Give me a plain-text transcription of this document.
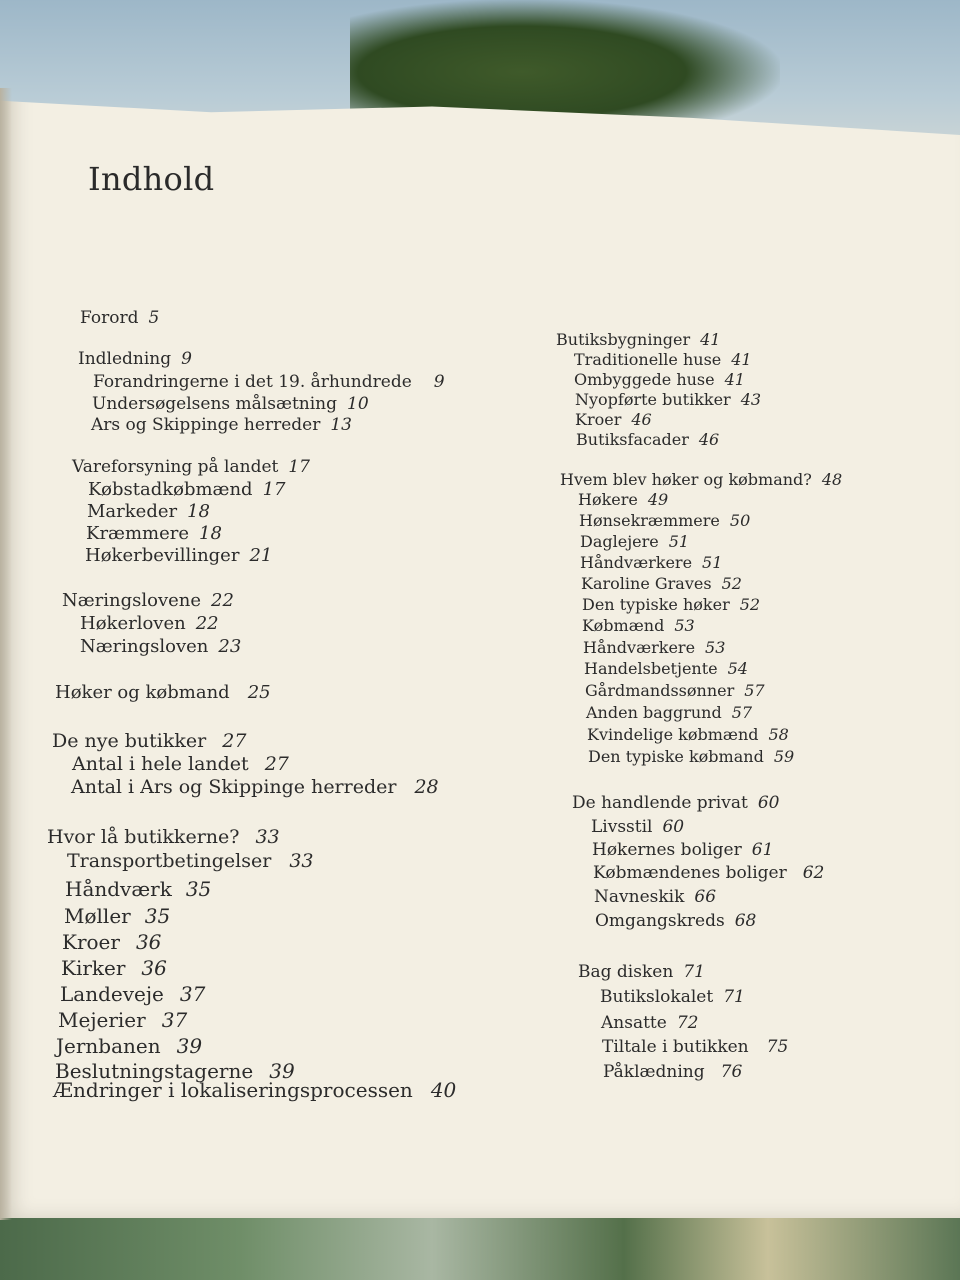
Indhold
Forord 5
Indledning 9
Forandringerne i det 19. århundrede 9
Undersøgelsens målsætning 10
Ars og Skippinge herreder 13
Vareforsyning på landet 17
Købstadkøbmænd 17
Markeder 18
Kræmmere 18
Høkerbevillinger 21
Næringslovene 22
Høkerloven 22
Næringsloven 23
Høker og købmand 25
De nye butikker 27
Antal i hele landet 27
Antal i Ars og Skippinge herreder 28
Hvor lå butikkerne? 33
Transportbetingelser 33
Håndværk 35
Møller 35
Kroer 36
Kirker 36
Landeveje 37
Mejerier 37
Jernbanen 39
Beslutningstagerne 39
Ændringer i lokaliseringsprocessen 40
Butiksbygninger 41
Traditionelle huse 41
Ombyggede huse 41
Nyopførte butikker 43
Kroer 46
Butiksfacader 46
Hvem blev høker og købmand? 48
Høkere 49
Hønsekræmmere 50
Daglejere 51
Håndværkere 51
Karoline Graves 52
Den typiske høker 52
Købmænd 53
Håndværkere 53
Handelsbetjente 54
Gårdmandssønner 57
Anden baggrund 57
Kvindelige købmænd 58
Den typiske købmand 59
De handlende privat 60
Livsstil 60
Høkernes boliger 61
Købmændenes boliger 62
Navneskik 66
Omgangskreds 68
Bag disken 71
Butikslokalet 71
Ansatte 72
Tiltale i butikken 75
Påklædning 76
